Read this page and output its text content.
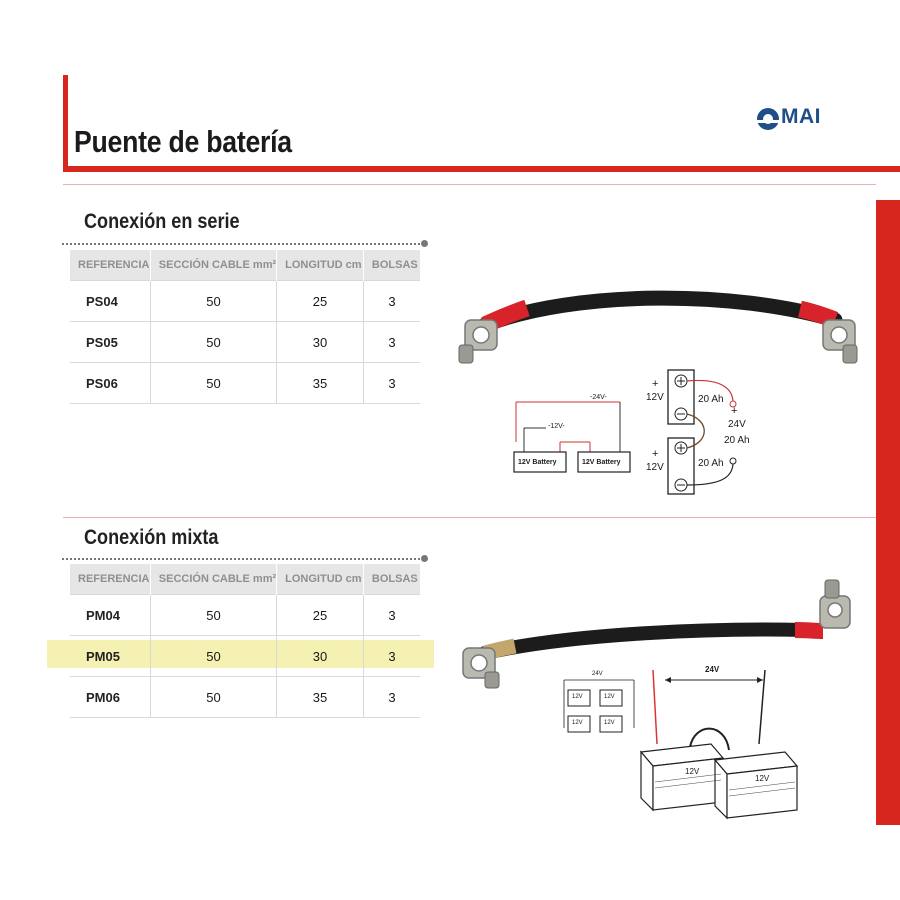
MAI
Puente de batería
Conexión en serie
REFERENCIA	SECCIÓN CABLE mm²	LONGITUD cm	BOLSAS
PS04	50	25	3
PS05	50	30	3
PS06	50	35	3
-24V-
-12V-
12V Battery	12V Battery
+
12V	20 Ah
+
24V
20 Ah
+
12V	20 Ah
Conexión mixta
REFERENCIA	SECCIÓN CABLE mm²	LONGITUD cm	BOLSAS
PM04	50	25	3
PM05	50	30	3
PM06	50	35	3
24V
12V	12V
12V	12V
24V
12V
12V
